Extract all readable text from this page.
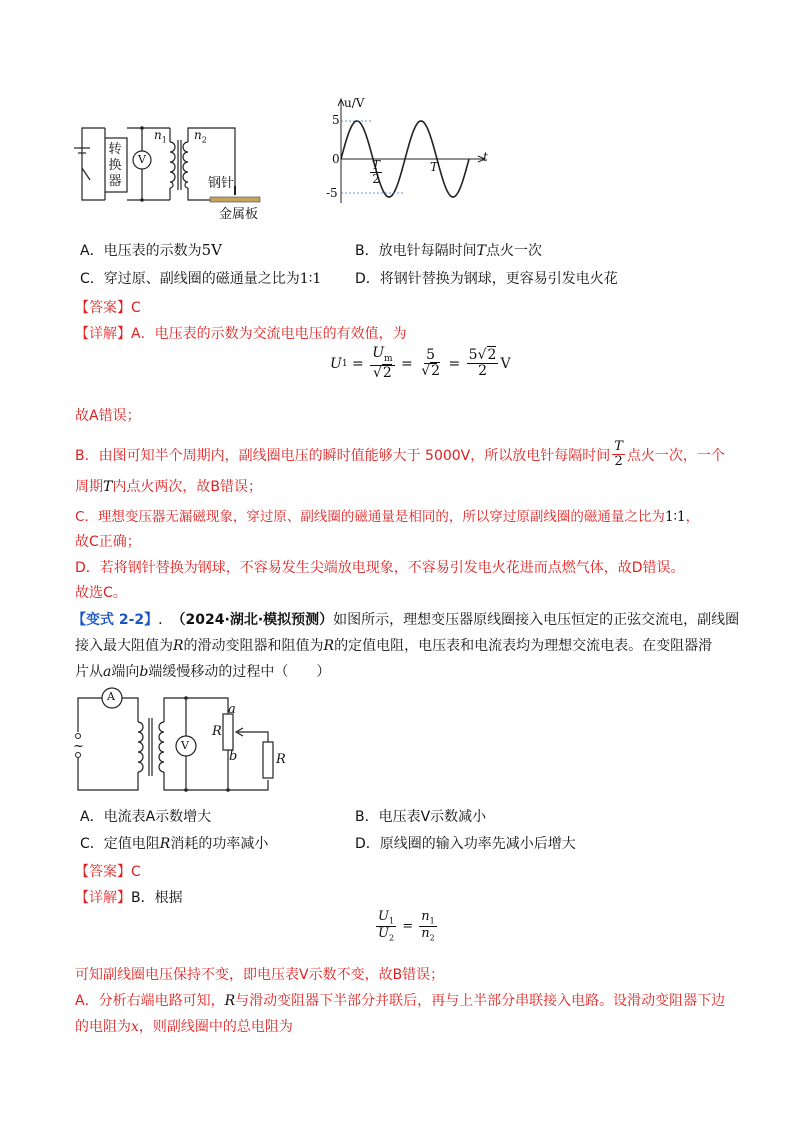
转
换
器
V
$n_1$ $n_2$
钢针
金属板
u/V
t
5
0
-5
T
2
T
A．电压表的示数为5V	B．放电针每隔时间T点火一次
C．穿过原、副线圈的磁通量之比为1∶1 D．将钢针替换为钢球，更容易引发电火花
【答案】C
【详解】A．电压表的示数为交流电电压的有效值，为
U 1 =
$U_m$
√2
=
5
√2 =
5√2
2 V
故A错误；
B．由图可知半个周期内，副线圈电压的瞬时值能够大于 5000V，所以放电针每隔时间
T
2 点火一次，一个
周期T内点火两次，故B错误；
C．理想变压器无漏磁现象，穿过原、副线圈的磁通量是相同的，所以穿过原副线圈的磁通量之比为1∶1，
故C正确；
D．若将钢针替换为钢球，不容易发生尖端放电现象，不容易引发电火花进而点燃气体，故D错误。
故选C。
【变式 2-2】. （2024·湖北·模拟预测）如图所示，理想变压器原线圈接入电压恒定的正弦交流电，副线圈
接入最大阻值为R的滑动变阻器和阻值为R的定值电阻，电压表和电流表均为理想交流电表。在变阻器滑
片从a端向b端缓慢移动的过程中（　　）
A
V
~
R
R
a
b
A．电流表A示数增大	B．电压表V示数减小
C．定值电阻R消耗的功率减小	D．原线圈的输入功率先减小后增大
【答案】C
【详解】B．根据
$U_1$
$U_2$
=
$n_1$
$n_2$
可知副线圈电压保持不变，即电压表V示数不变，故B错误；
A．分析右端电路可知，R与滑动变阻器下半部分并联后，再与上半部分串联接入电路。设滑动变阻器下边
的电阻为x，则副线圈中的总电阻为
